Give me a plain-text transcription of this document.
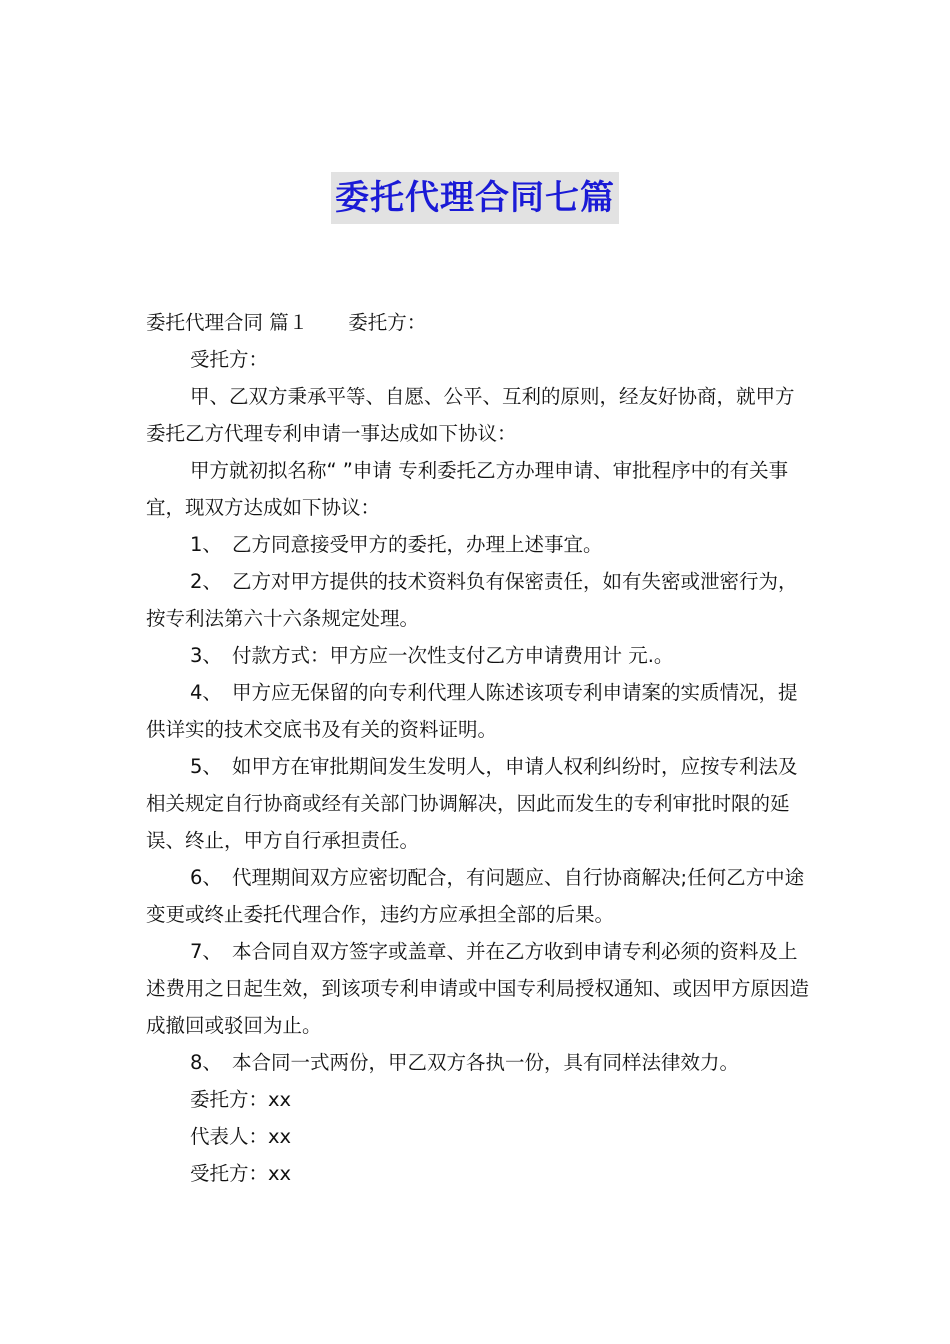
委托代理合同七篇

委托代理合同 篇１ 委托方：

受托方：

甲、乙双方秉承平等、自愿、公平、互利的原则，经友好协商，就甲方委托乙方代理专利申请一事达成如下协议：

甲方就初拟名称“ ”申请 专利委托乙方办理申请、审批程序中的有关事宜，现双方达成如下协议：

1、 乙方同意接受甲方的委托，办理上述事宜。

2、 乙方对甲方提供的技术资料负有保密责任，如有失密或泄密行为，按专利法第六十六条规定处理。

3、 付款方式：甲方应一次性支付乙方申请费用计 元.。

4、 甲方应无保留的向专利代理人陈述该项专利申请案的实质情况，提供详实的技术交底书及有关的资料证明。

5、 如甲方在审批期间发生发明人，申请人权利纠纷时，应按专利法及相关规定自行协商或经有关部门协调解决，因此而发生的专利审批时限的延误、终止，甲方自行承担责任。

6、 代理期间双方应密切配合，有问题应、自行协商解决;任何乙方中途变更或终止委托代理合作，违约方应承担全部的后果。

7、 本合同自双方签字或盖章、并在乙方收到申请专利必须的资料及上述费用之日起生效，到该项专利申请或中国专利局授权通知、或因甲方原因造成撤回或驳回为止。

8、 本合同一式两份，甲乙双方各执一份，具有同样法律效力。

委托方：xx

代表人：xx

受托方：xx
